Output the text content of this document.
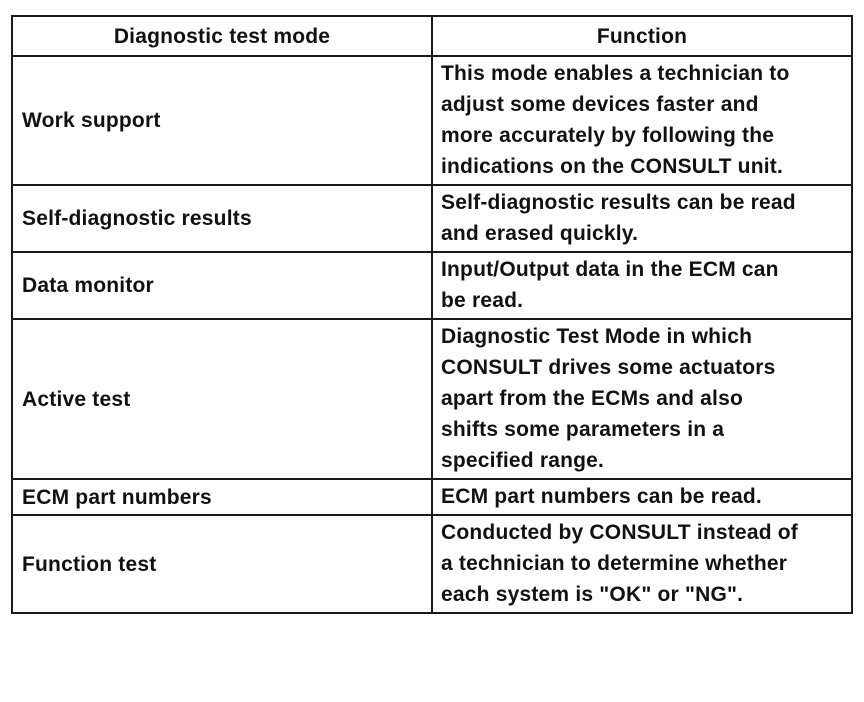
Diagnostic test mode	Function
Work support	This mode enables a technician to
adjust some devices faster and
more accurately by following the
indications on the CONSULT unit.

Self-diagnostic results	Self-diagnostic results can be read
and erased quickly.

Data monitor	Input/Output data in the ECM can
be read.

Active test	Diagnostic Test Mode in which
CONSULT drives some actuators
apart from the ECMs and also
shifts some parameters in a
specified range.

ECM part numbers	ECM part numbers can be read.

Function test	Conducted by CONSULT instead of
a technician to determine whether
each system is "OK" or "NG".
